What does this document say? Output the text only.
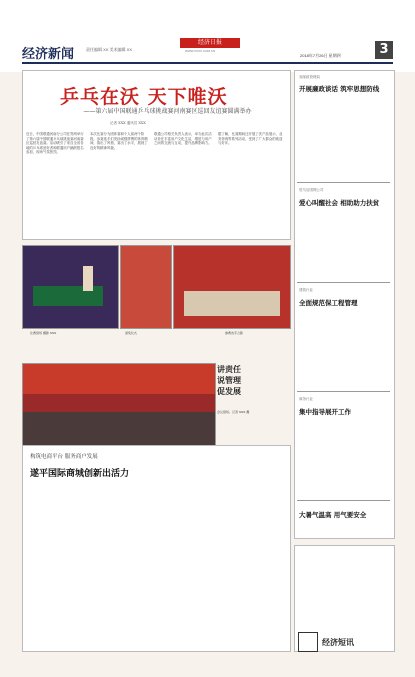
经济新闻	责任编辑 XX 美术编辑 XX
经济日报
WWW.XXXX.COM.CN
2018年7月26日 星期四	3
乒乓在沃 天下唯沃
——第六届中国联通乒乓球挑战赛河南赛区巡回友谊赛圆满举办
记者 XXX 通讯员 XXX
近日，中国联通河南分公司在郑州举行了第六届中国联通乒乓球挑战赛河南赛区巡回友谊赛。活动吸引了来自全省各地的乒乓球爱好者和联通用户踊跃报名参加，现场气氛热烈。
本次比赛分为团体赛和个人赛两个阶段，参赛选手们发扬顽强拼搏的体育精神，赛出了风格，赛出了水平，展现了良好的精神风貌。
联通公司相关负责人表示，举办此次活动旨在丰富用户文化生活，增进与用户之间的交流与互动，提升品牌影响力。
据了解，比赛期间还开展了沃产品展示、业务咨询等系列活动，受到了广大群众的欢迎与好评。
比赛现场 摄影 XXX	颁奖仪式	参赛选手合影
讲责任 说管理 促发展
会议现场。记者 XXX 摄
省邮政管理局
开展廉政谈话 筑牢思想防线
驻马店国网公司
爱心叫醒社会 相助助力扶贫
建筑行业
全面规范保工程管理
商务行业
集中指导展开工作
大暑气温高 用气要安全
构筑电商平台 服务商户发展
遂平国际商城创新出活力
经济短讯
